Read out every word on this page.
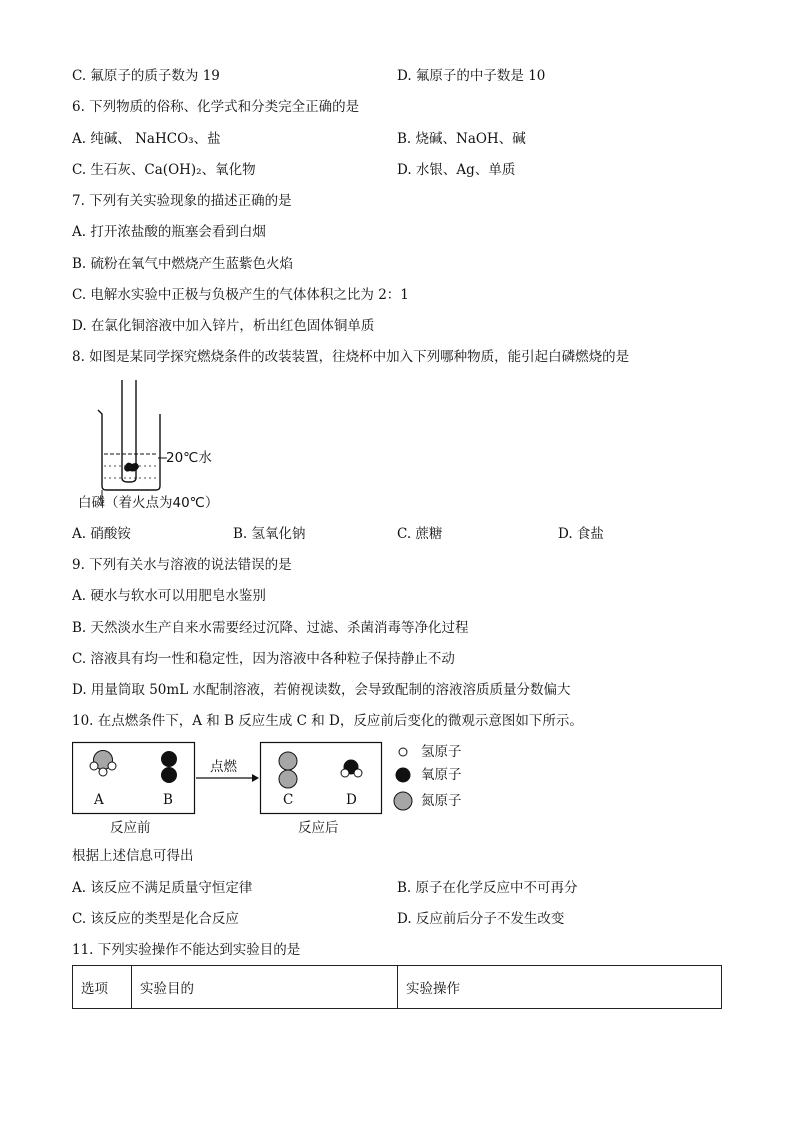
C. 氟原子的质子数为 19	D. 氟原子的中子数是 10
6. 下列物质的俗称、化学式和分类完全正确的是
A. 纯碱、 NaHCO₃、盐	B. 烧碱、NaOH、碱
C. 生石灰、Ca(OH)₂、氧化物	D. 水银、Ag、单质
7. 下列有关实验现象的描述正确的是
A. 打开浓盐酸的瓶塞会看到白烟
B. 硫粉在氧气中燃烧产生蓝紫色火焰
C. 电解水实验中正极与负极产生的气体体积之比为 2：1
D. 在氯化铜溶液中加入锌片，析出红色固体铜单质
8. 如图是某同学探究燃烧条件的改装装置，往烧杯中加入下列哪种物质，能引起白磷燃烧的是
20℃水
白磷（着火点为40℃）
A. 硝酸铵	B. 氢氧化钠	C. 蔗糖	D. 食盐
9. 下列有关水与溶液的说法错误的是
A. 硬水与软水可以用肥皂水鉴别
B. 天然淡水生产自来水需要经过沉降、过滤、杀菌消毒等净化过程
C. 溶液具有均一性和稳定性，因为溶液中各种粒子保持静止不动
D. 用量筒取 50mL 水配制溶液，若俯视读数，会导致配制的溶液溶质质量分数偏大
10. 在点燃条件下，A 和 B 反应生成 C 和 D，反应前后变化的微观示意图如下所示。
A	B
点燃
C	D
氢原子
氧原子
氮原子
反应前	反应后
根据上述信息可得出
A. 该反应不满足质量守恒定律	B. 原子在化学反应中不可再分
C. 该反应的类型是化合反应	D. 反应前后分子不发生改变
11. 下列实验操作不能达到实验目的是
选项	实验目的	实验操作
